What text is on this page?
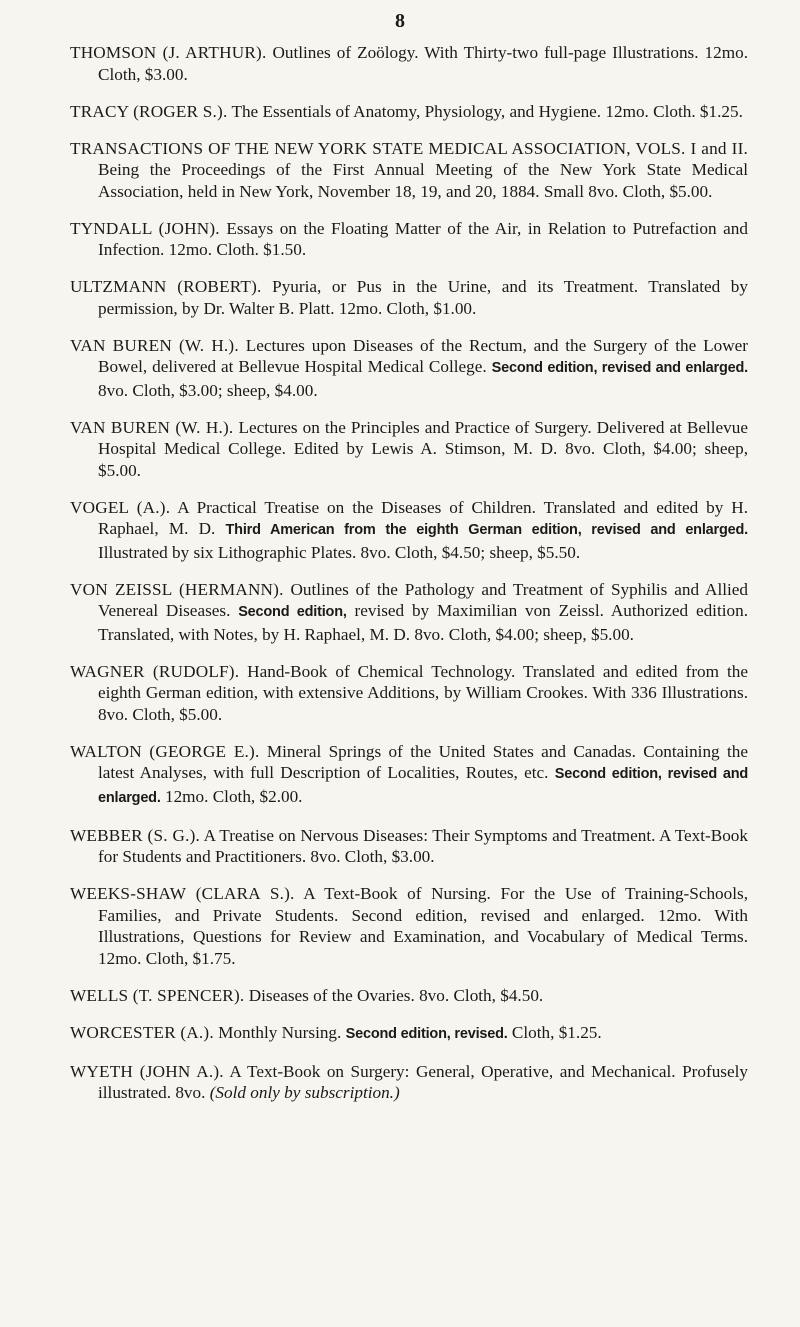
8

THOMSON (J. ARTHUR). Outlines of Zoölogy. With Thirty-two full-page Illustrations. 12mo. Cloth, $3.00.

TRACY (ROGER S.). The Essentials of Anatomy, Physiology, and Hygiene. 12mo. Cloth. $1.25.

TRANSACTIONS OF THE NEW YORK STATE MEDICAL ASSOCIATION, VOLS. I and II. Being the Proceedings of the First Annual Meeting of the New York State Medical Association, held in New York, November 18, 19, and 20, 1884. Small 8vo. Cloth, $5.00.

TYNDALL (JOHN). Essays on the Floating Matter of the Air, in Relation to Putrefaction and Infection. 12mo. Cloth. $1.50.

ULTZMANN (ROBERT). Pyuria, or Pus in the Urine, and its Treatment. Translated by permission, by Dr. Walter B. Platt. 12mo. Cloth, $1.00.

VAN BUREN (W. H.). Lectures upon Diseases of the Rectum, and the Surgery of the Lower Bowel, delivered at Bellevue Hospital Medical College. Second edition, revised and enlarged. 8vo. Cloth, $3.00; sheep, $4.00.

VAN BUREN (W. H.). Lectures on the Principles and Practice of Surgery. Delivered at Bellevue Hospital Medical College. Edited by Lewis A. Stimson, M. D. 8vo. Cloth, $4.00; sheep, $5.00.

VOGEL (A.). A Practical Treatise on the Diseases of Children. Translated and edited by H. Raphael, M. D. Third American from the eighth German edition, revised and enlarged. Illustrated by six Lithographic Plates. 8vo. Cloth, $4.50; sheep, $5.50.

VON ZEISSL (HERMANN). Outlines of the Pathology and Treatment of Syphilis and Allied Venereal Diseases. Second edition, revised by Maximilian von Zeissl. Authorized edition. Translated, with Notes, by H. Raphael, M. D. 8vo. Cloth, $4.00; sheep, $5.00.

WAGNER (RUDOLF). Hand-Book of Chemical Technology. Translated and edited from the eighth German edition, with extensive Additions, by William Crookes. With 336 Illustrations. 8vo. Cloth, $5.00.

WALTON (GEORGE E.). Mineral Springs of the United States and Canadas. Containing the latest Analyses, with full Description of Localities, Routes, etc. Second edition, revised and enlarged. 12mo. Cloth, $2.00.

WEBBER (S. G.). A Treatise on Nervous Diseases: Their Symptoms and Treatment. A Text-Book for Students and Practitioners. 8vo. Cloth, $3.00.

WEEKS-SHAW (CLARA S.). A Text-Book of Nursing. For the Use of Training-Schools, Families, and Private Students. Second edition, revised and enlarged. 12mo. With Illustrations, Questions for Review and Examination, and Vocabulary of Medical Terms. 12mo. Cloth, $1.75.

WELLS (T. SPENCER). Diseases of the Ovaries. 8vo. Cloth, $4.50.

WORCESTER (A.). Monthly Nursing. Second edition, revised. Cloth, $1.25.

WYETH (JOHN A.). A Text-Book on Surgery: General, Operative, and Mechanical. Profusely illustrated. 8vo. (Sold only by subscription.)
